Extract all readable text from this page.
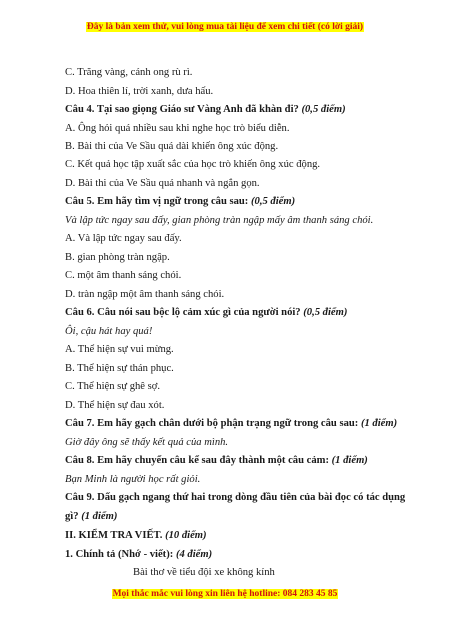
Đây là bản xem thử, vui lòng mua tài liệu để xem chi tiết (có lời giải)
C. Trăng vàng, cánh ong rù rì.
D. Hoa thiên lí, trời xanh, dưa hấu.
Câu 4. Tại sao giọng Giáo sư Vàng Anh đã khàn đi? (0,5 điểm)
A. Ông hỏi quá nhiều sau khi nghe học trò biểu diễn.
B. Bài thi của Ve Sầu quá dài khiến ông xúc động.
C. Kết quả học tập xuất sắc của học trò khiến ông xúc động.
D. Bài thi của Ve Sầu quá nhanh và ngắn gọn.
Câu 5. Em hãy tìm vị ngữ trong câu sau: (0,5 điểm)
Và lập tức ngay sau đấy, gian phòng tràn ngập mấy âm thanh sáng chói.
A. Và lập tức ngay sau đấy.
B. gian phòng tràn ngập.
C. một âm thanh sáng chói.
D. tràn ngập một âm thanh sáng chói.
Câu 6. Câu nói sau bộc lộ cảm xúc gì của người nói? (0,5 điểm)
Ôi, cậu hát hay quá!
A. Thể hiện sự vui mừng.
B. Thể hiện sự thán phục.
C. Thể hiện sự ghê sợ.
D. Thể hiện sự đau xót.
Câu 7. Em hãy gạch chân dưới bộ phận trạng ngữ trong câu sau: (1 điểm)
Giờ đây ông sẽ thấy kết quả của mình.
Câu 8. Em hãy chuyển câu kể sau đây thành một câu cảm: (1 điểm)
Bạn Minh là người học rất giỏi.
Câu 9. Dấu gạch ngang thứ hai trong dòng đầu tiên của bài đọc có tác dụng
gì? (1 điểm)
II. KIỂM TRA VIẾT. (10 điểm)
1. Chính tả (Nhớ - viết): (4 điểm)
Bài thơ về tiểu đội xe không kính
Mọi thắc mắc vui lòng xin liên hệ hotline: 084 283 45 85
